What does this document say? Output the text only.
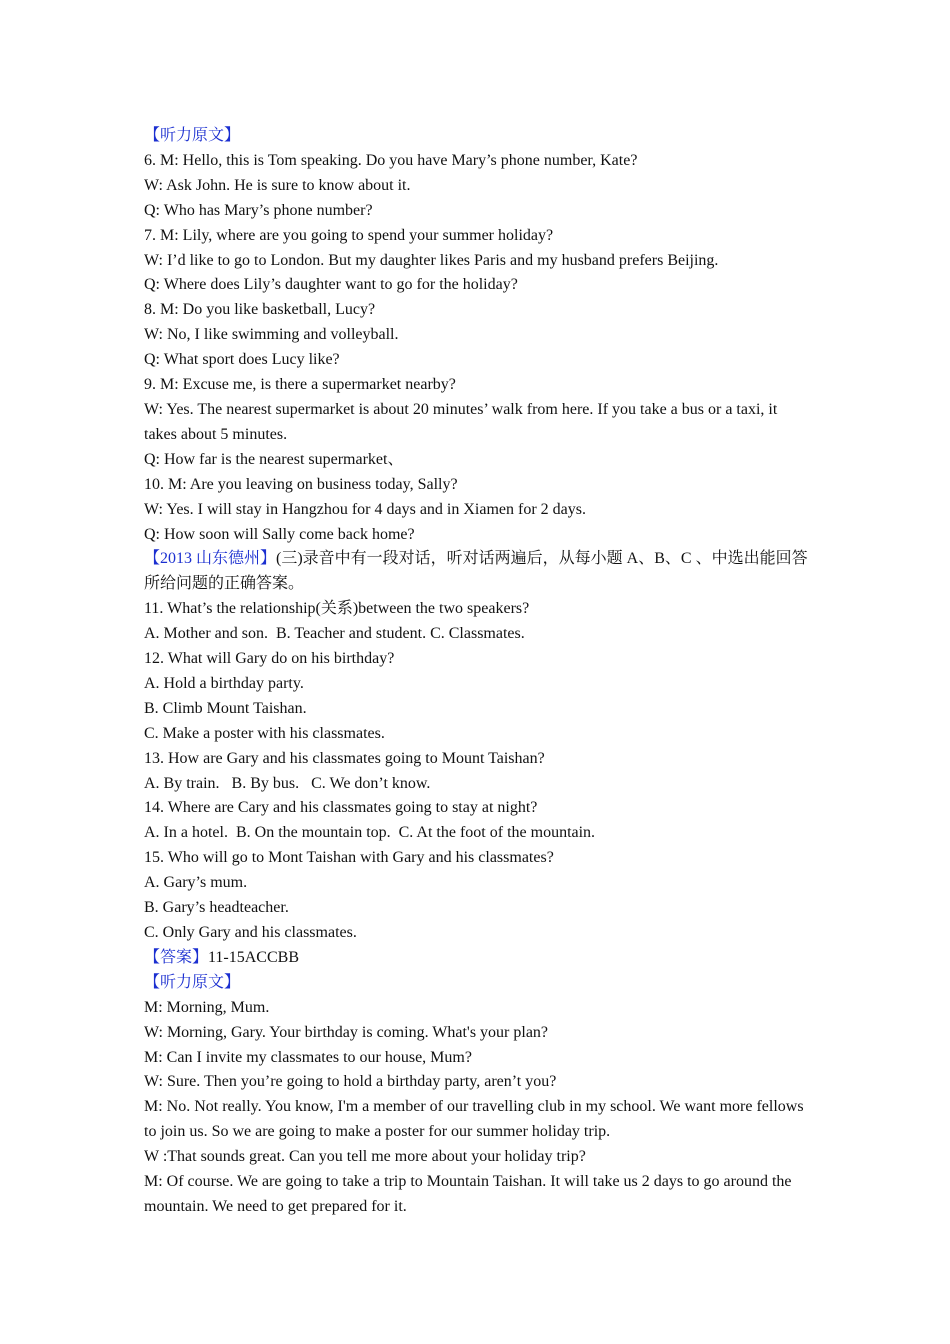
【听力原文】
6. M: Hello, this is Tom speaking. Do you have Mary’s phone number, Kate?
W: Ask John. He is sure to know about it.
Q: Who has Mary’s phone number?
7. M: Lily, where are you going to spend your summer holiday?
W: I’d like to go to London. But my daughter likes Paris and my husband prefers Beijing.
Q: Where does Lily’s daughter want to go for the holiday?
8. M: Do you like basketball, Lucy?
W: No, I like swimming and volleyball.
Q: What sport does Lucy like?
9. M: Excuse me, is there a supermarket nearby?
W: Yes. The nearest supermarket is about 20 minutes’ walk from here. If you take a bus or a taxi, it takes about 5 minutes.
Q: How far is the nearest supermarket、
10. M: Are you leaving on business today, Sally?
W: Yes. I will stay in Hangzhou for 4 days and in Xiamen for 2 days.
Q: How soon will Sally come back home?
【2013 山东德州】(三)录音中有一段对话，听对话两遍后，从每小题 A、B、C 、中选出能回答所给问题的正确答案。
11. What’s the relationship(关系)between the two speakers?
A. Mother and son.  B. Teacher and student. C. Classmates.
12. What will Gary do on his birthday?
A. Hold a birthday party.
B. Climb Mount Taishan.
C. Make a poster with his classmates.
13. How are Gary and his classmates going to Mount Taishan?
A. By train.   B. By bus.   C. We don’t know.
14. Where are Cary and his classmates going to stay at night?
A. In a hotel.  B. On the mountain top.  C. At the foot of the mountain.
15. Who will go to Mont Taishan with Gary and his classmates?
A. Gary’s mum.
B. Gary’s headteacher.
C. Only Gary and his classmates.
【答案】11-15ACCBB
【听力原文】
M: Morning, Mum.
W: Morning, Gary. Your birthday is coming. What's your plan?
M: Can I invite my classmates to our house, Mum?
W: Sure. Then you’re going to hold a birthday party, aren’t you?
M: No. Not really. You know, I'm a member of our travelling club in my school. We want more fellows to join us. So we are going to make a poster for our summer holiday trip.
W :That sounds great. Can you tell me more about your holiday trip?
M: Of course. We are going to take a trip to Mountain Taishan. It will take us 2 days to go around the mountain. We need to get prepared for it.
